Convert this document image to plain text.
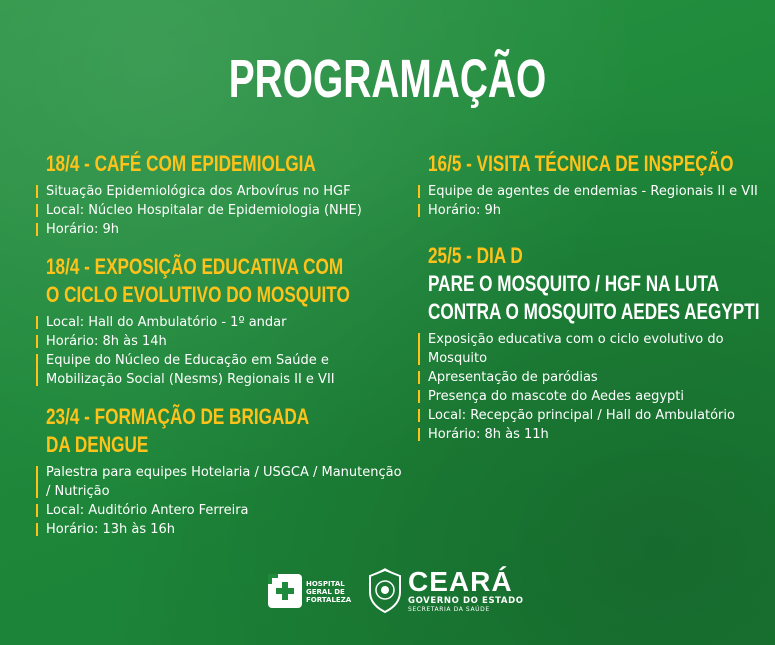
PROGRAMAÇÃO
18/4 - CAFÉ COM EPIDEMIOLGIA
Situação Epidemiológica dos Arbovírus no HGF
Local: Núcleo Hospitalar de Epidemiologia (NHE)
Horário: 9h
18/4 - EXPOSIÇÃO EDUCATIVA COM
O CICLO EVOLUTIVO DO MOSQUITO
Local: Hall do Ambulatório - 1º andar
Horário: 8h às 14h
Equipe do Núcleo de Educação em Saúde e Mobilização Social (Nesms) Regionais II e VII
23/4 - FORMAÇÃO DE BRIGADA
DA DENGUE
Palestra para equipes Hotelaria / USGCA / Manutenção / Nutrição
Local: Auditório Antero Ferreira
Horário: 13h às 16h
16/5 - VISITA TÉCNICA DE INSPEÇÃO
Equipe de agentes de endemias - Regionais II e VII
Horário: 9h
25/5 - DIA D
PARE O MOSQUITO / HGF NA LUTA
CONTRA O MOSQUITO AEDES AEGYPTI
Exposição educativa com o ciclo evolutivo do Mosquito
Apresentação de paródias
Presença do mascote do Aedes aegypti
Local: Recepção principal / Hall do Ambulatório
Horário: 8h às 11h
HOSPITAL
GERAL DE
FORTALEZA
CEARÁ
GOVERNO DO ESTADO
SECRETARIA DA SAÚDE
